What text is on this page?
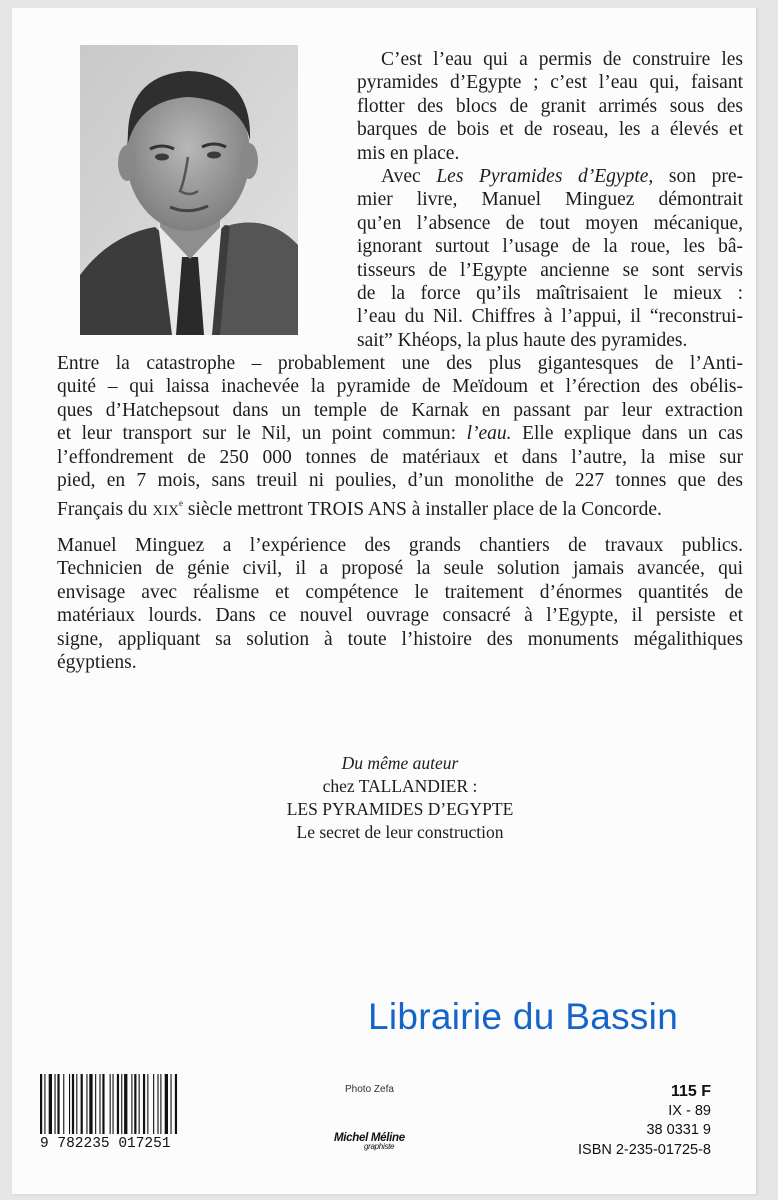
C’est l’eau qui a permis de construire les
pyramides d’Egypte ; c’est l’eau qui, faisant
flotter des blocs de granit arrimés sous des
barques de bois et de roseau, les a élevés et
mis en place.
Avec Les Pyramides d’Egypte, son pre-
mier livre, Manuel Minguez démontrait
qu’en l’absence de tout moyen mécanique,
ignorant surtout l’usage de la roue, les bâ-
tisseurs de l’Egypte ancienne se sont servis
de la force qu’ils maîtrisaient le mieux :
l’eau du Nil. Chiffres à l’appui, il “reconstrui-
sait” Khéops, la plus haute des pyramides.
Entre la catastrophe – probablement une des plus gigantesques de l’Anti-
quité – qui laissa inachevée la pyramide de Meïdoum et l’érection des obélis-
ques d’Hatchepsout dans un temple de Karnak en passant par leur extraction
et leur transport sur le Nil, un point commun: l’eau. Elle explique dans un cas
l’effondrement de 250 000 tonnes de matériaux et dans l’autre, la mise sur
pied, en 7 mois, sans treuil ni poulies, d’un monolithe de 227 tonnes que des
Français du XIXe siècle mettront TROIS ANS à installer place de la Concorde.
Manuel Minguez a l’expérience des grands chantiers de travaux publics.
Technicien de génie civil, il a proposé la seule solution jamais avancée, qui
envisage avec réalisme et compétence le traitement d’énormes quantités de
matériaux lourds. Dans ce nouvel ouvrage consacré à l’Egypte, il persiste et
signe, appliquant sa solution à toute l’histoire des monuments mégalithiques
égyptiens.
Du même auteur
chez TALLANDIER :
LES PYRAMIDES D’EGYPTE
Le secret de leur construction
9 782235 017251
Photo Zefa
Michel Méline
graphiste
115 F
IX - 89
38 0331 9
ISBN 2-235-01725-8
Librairie du Bassin
